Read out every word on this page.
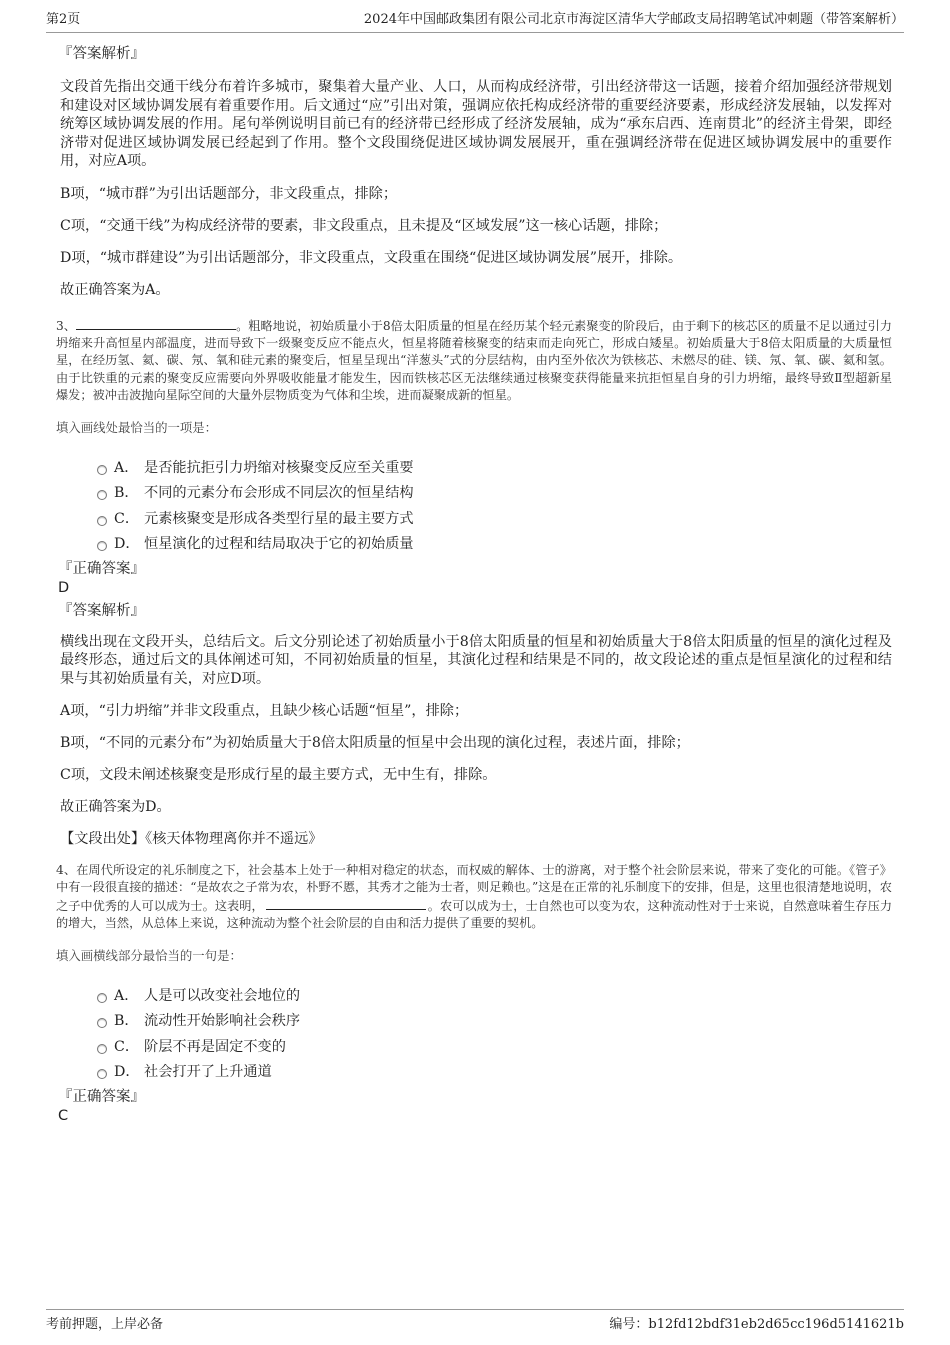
第2页	2024年中国邮政集团有限公司北京市海淀区清华大学邮政支局招聘笔试冲刺题（带答案解析）
『答案解析』

文段首先指出交通干线分布着许多城市，聚集着大量产业、人口，从而构成经济带，引出经济带这一话题，接着介绍加强经济带规划和建设对区域协调发展有着重要作用。后文通过“应”引出对策，强调应依托构成经济带的重要经济要素，形成经济发展轴，以发挥对统筹区域协调发展的作用。尾句举例说明目前已有的经济带已经形成了经济发展轴，成为“承东启西、连南贯北”的经济主骨架，即经济带对促进区域协调发展已经起到了作用。整个文段围绕促进区域协调发展展开，重在强调经济带在促进区域协调发展中的重要作用，对应A项。

B项，“城市群”为引出话题部分，非文段重点，排除；
C项，“交通干线”为构成经济带的要素，非文段重点，且未提及“区域发展”这一核心话题，排除；
D项，“城市群建设”为引出话题部分，非文段重点，文段重在围绕“促进区域协调发展”展开，排除。
故正确答案为A。

3、	。粗略地说，初始质量小于8倍太阳质量的恒星在经历某个轻元素聚变的阶段后，由于剩下的核芯区的质量不足以通过引力坍缩来升高恒星内部温度，进而导致下一级聚变反应不能点火，恒星将随着核聚变的结束而走向死亡，形成白矮星。初始质量大于8倍太阳质量的大质量恒星，在经历氢、氦、碳、氖、氧和硅元素的聚变后，恒星呈现出“洋葱头”式的分层结构，由内至外依次为铁核芯、未燃尽的硅、镁、氖、氧、碳、氦和氢。由于比铁重的元素的聚变反应需要向外界吸收能量才能发生，因而铁核芯区无法继续通过核聚变获得能量来抗拒恒星自身的引力坍缩，最终导致Ⅱ型超新星爆发；被冲击波抛向星际空间的大量外层物质变为气体和尘埃，进而凝聚成新的恒星。

填入画线处最恰当的一项是：
A． 是否能抗拒引力坍缩对核聚变反应至关重要
B． 不同的元素分布会形成不同层次的恒星结构
C． 元素核聚变是形成各类型行星的最主要方式
D． 恒星演化的过程和结局取决于它的初始质量
『正确答案』
D
『答案解析』

横线出现在文段开头，总结后文。后文分别论述了初始质量小于8倍太阳质量的恒星和初始质量大于8倍太阳质量的恒星的演化过程及最终形态，通过后文的具体阐述可知，不同初始质量的恒星，其演化过程和结果是不同的，故文段论述的重点是恒星演化的过程和结果与其初始质量有关，对应D项。

A项，“引力坍缩”并非文段重点，且缺少核心话题“恒星”，排除；
B项，“不同的元素分布”为初始质量大于8倍太阳质量的恒星中会出现的演化过程，表述片面，排除；
C项，文段未阐述核聚变是形成行星的最主要方式，无中生有，排除。
故正确答案为D。
【文段出处】《核天体物理离你并不遥远》

4、在周代所设定的礼乐制度之下，社会基本上处于一种相对稳定的状态，而权威的解体、士的游离，对于整个社会阶层来说，带来了变化的可能。《管子》中有一段很直接的描述：“是故农之子常为农，朴野不慝，其秀才之能为士者，则足赖也。”这是在正常的礼乐制度下的安排，但是，这里也很清楚地说明，农之子中优秀的人可以成为士。这表明，	。农可以成为士，士自然也可以变为农，这种流动性对于士来说，自然意味着生存压力的增大，当然，从总体上来说，这种流动为整个社会阶层的自由和活力提供了重要的契机。

填入画横线部分最恰当的一句是：
A． 人是可以改变社会地位的
B． 流动性开始影响社会秩序
C． 阶层不再是固定不变的
D． 社会打开了上升通道
『正确答案』
C
考前押题，上岸必备	编号：b12fd12bdf31eb2d65cc196d5141621b
